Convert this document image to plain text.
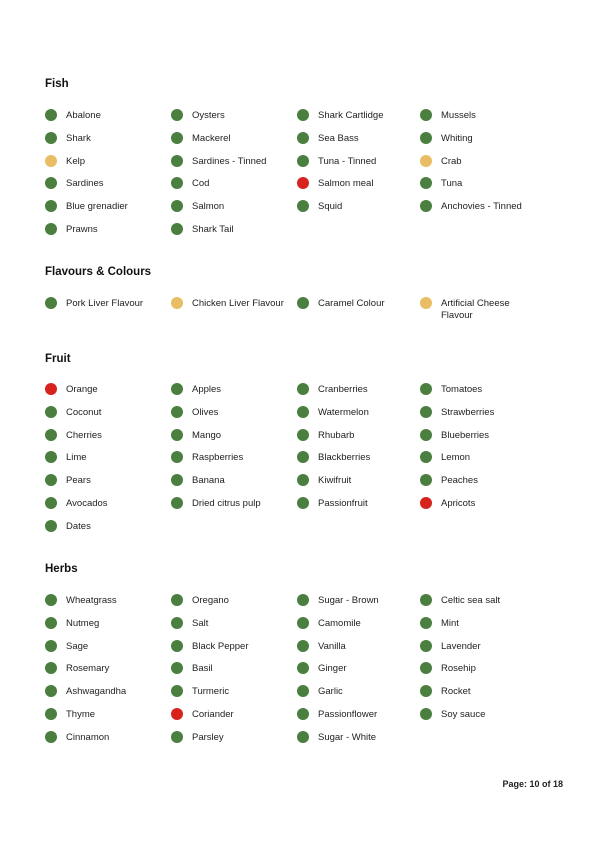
Fish
Abalone	Oysters	Shark Cartlidge	Mussels
Shark	Mackerel	Sea Bass	Whiting
Kelp	Sardines - Tinned	Tuna - Tinned	Crab
Sardines	Cod	Salmon meal	Tuna
Blue grenadier	Salmon	Squid	Anchovies - Tinned
Prawns	Shark Tail
Flavours & Colours
Pork Liver Flavour	Chicken Liver Flavour	Caramel Colour	Artificial Cheese Flavour
Fruit
Orange	Apples	Cranberries	Tomatoes
Coconut	Olives	Watermelon	Strawberries
Cherries	Mango	Rhubarb	Blueberries
Lime	Raspberries	Blackberries	Lemon
Pears	Banana	Kiwifruit	Peaches
Avocados	Dried citrus pulp	Passionfruit	Apricots
Dates
Herbs
Wheatgrass	Oregano	Sugar - Brown	Celtic sea salt
Nutmeg	Salt	Camomile	Mint
Sage	Black Pepper	Vanilla	Lavender
Rosemary	Basil	Ginger	Rosehip
Ashwagandha	Turmeric	Garlic	Rocket
Thyme	Coriander	Passionflower	Soy sauce
Cinnamon	Parsley	Sugar - White
Page: 10 of 18
